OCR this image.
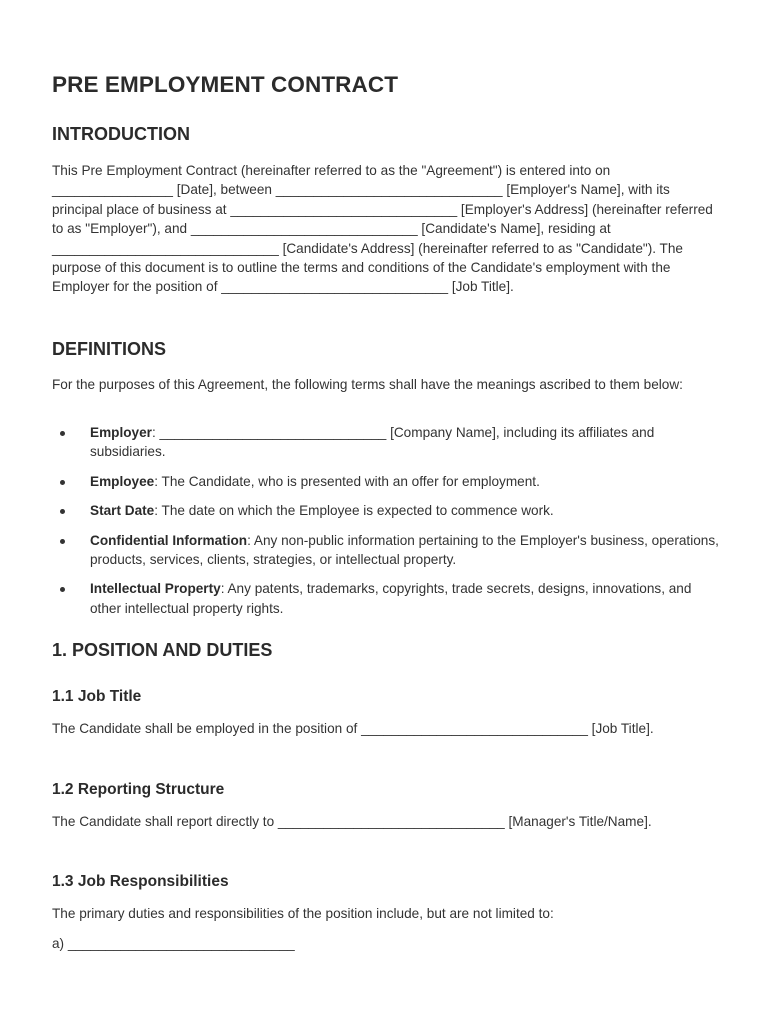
PRE EMPLOYMENT CONTRACT
INTRODUCTION

This Pre Employment Contract (hereinafter referred to as the "Agreement") is entered into on ________________ [Date], between ______________________________ [Employer's Name], with its principal place of business at ______________________________ [Employer's Address] (hereinafter referred to as "Employer"), and ______________________________ [Candidate's Name], residing at ______________________________ [Candidate's Address] (hereinafter referred to as "Candidate"). The purpose of this document is to outline the terms and conditions of the Candidate's employment with the Employer for the position of ______________________________ [Job Title].

DEFINITIONS

For the purposes of this Agreement, the following terms shall have the meanings ascribed to them below:

Employer: ______________________________ [Company Name], including its affiliates and subsidiaries.
Employee: The Candidate, who is presented with an offer for employment.
Start Date: The date on which the Employee is expected to commence work.
Confidential Information: Any non-public information pertaining to the Employer's business, operations, products, services, clients, strategies, or intellectual property.
Intellectual Property: Any patents, trademarks, copyrights, trade secrets, designs, innovations, and other intellectual property rights.
1. POSITION AND DUTIES
1.1 Job Title

The Candidate shall be employed in the position of ______________________________ [Job Title].

1.2 Reporting Structure

The Candidate shall report directly to ______________________________ [Manager's Title/Name].

1.3 Job Responsibilities

The primary duties and responsibilities of the position include, but are not limited to:

a) ______________________________
